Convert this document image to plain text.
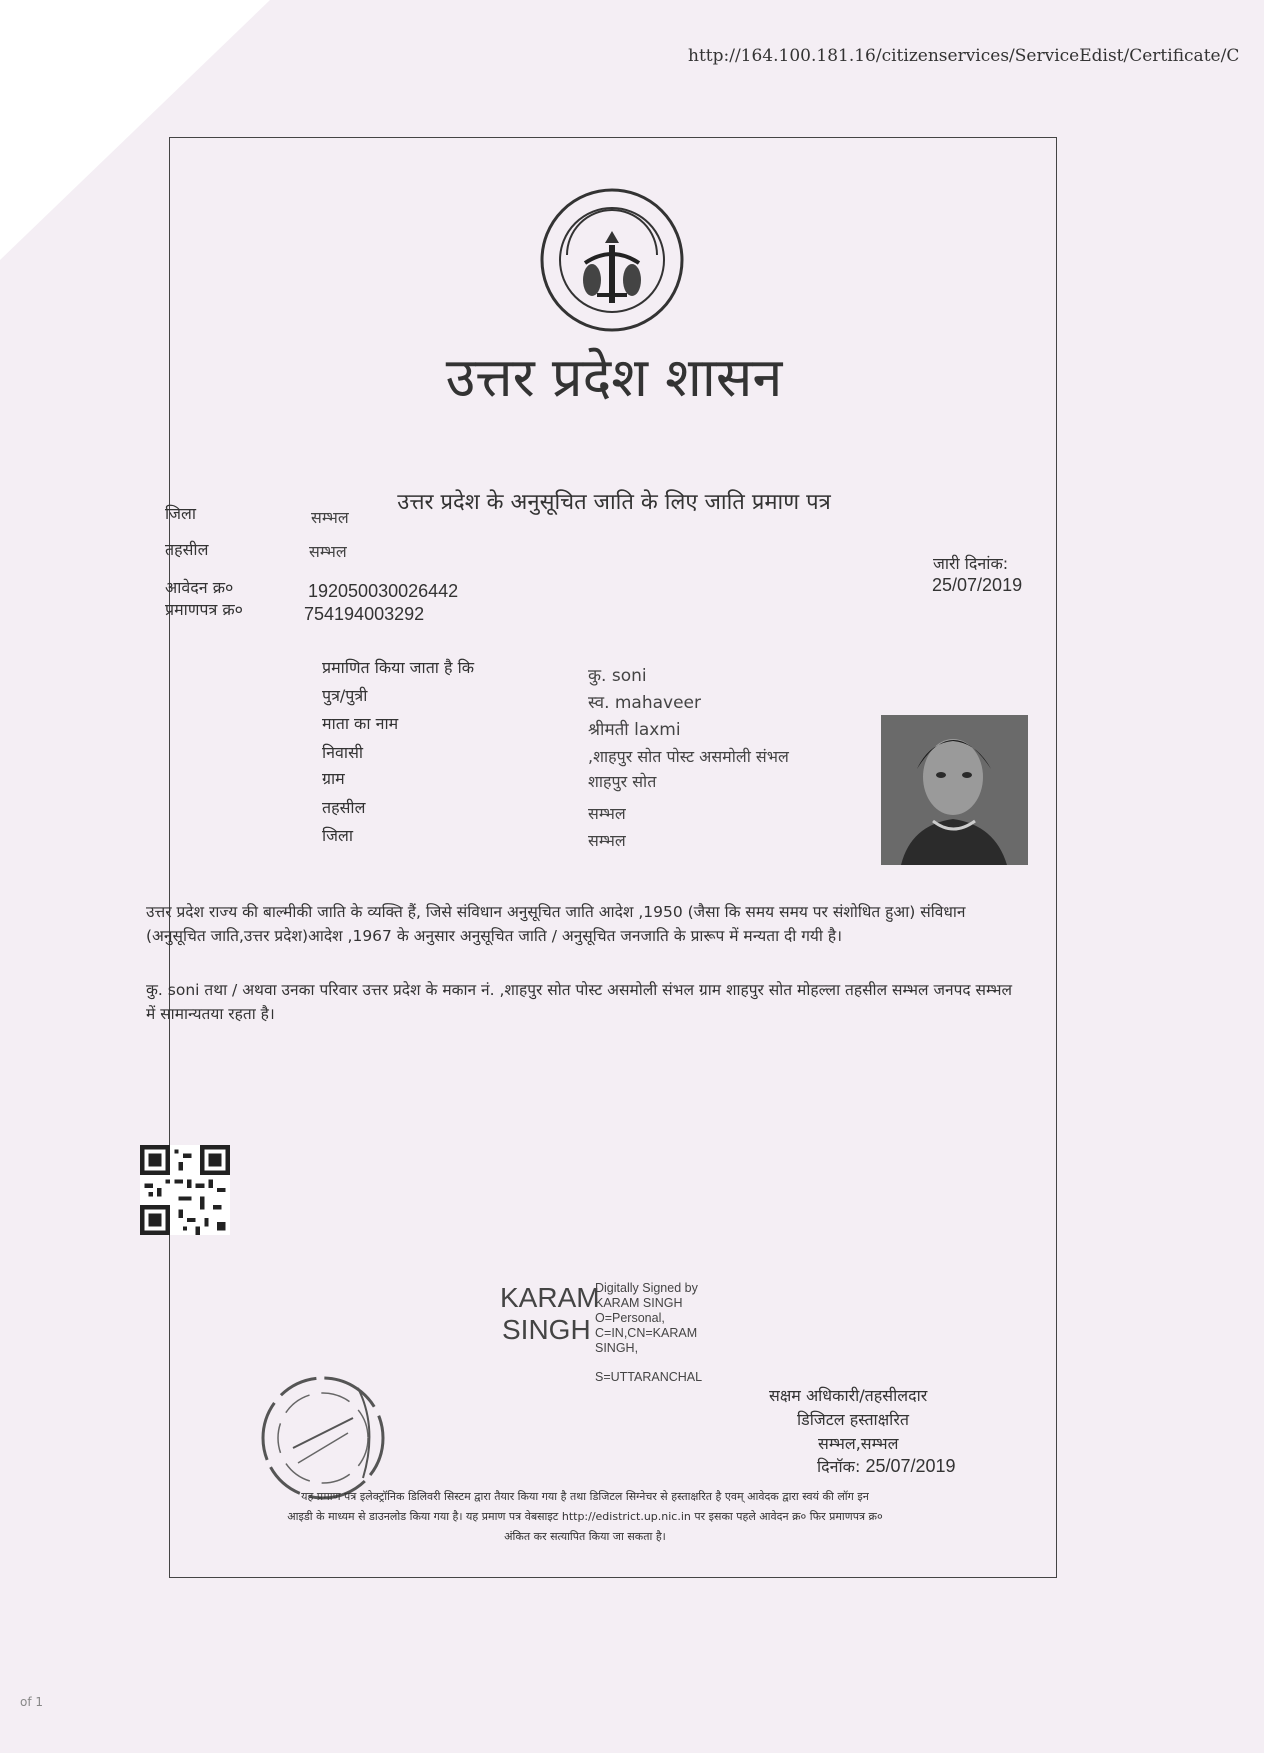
http://164.100.181.16/citizenservices/ServiceEdist/Certificate/C
उत्तर प्रदेश शासन
उत्तर प्रदेश के अनुसूचित जाति के लिए जाति प्रमाण पत्र
जिला	सम्भल
तहसील	सम्भल
आवेदन क्र०	192050030026442
प्रमाणपत्र क्र०	754194003292
जारी दिनांक:
25/07/2019
प्रमाणित किया जाता है कि	कु. soni
पुत्र/पुत्री	स्व. mahaveer
माता का नाम	श्रीमती laxmi
निवासी	,शाहपुर सोत पोस्ट असमोली संभल
ग्राम	शाहपुर सोत
तहसील	सम्भल
जिला	सम्भल
उत्तर प्रदेश राज्य की बाल्मीकी जाति के व्यक्ति हैं, जिसे संविधान अनुसूचित जाति आदेश ,1950 (जैसा कि समय समय पर संशोधित हुआ) संविधान (अनुसूचित जाति,उत्तर प्रदेश)आदेश ,1967 के अनुसार अनुसूचित जाति / अनुसूचित जनजाति के प्रारूप में मन्यता दी गयी है।
कु. soni तथा / अथवा उनका परिवार उत्तर प्रदेश के मकान नं. ,शाहपुर सोत पोस्ट असमोली संभल ग्राम शाहपुर सोत मोहल्ला तहसील सम्भल जनपद सम्भल में सामान्यतया रहता है।
KARAM
SINGH
Digitally Signed by
KARAM SINGH
O=Personal,
C=IN,CN=KARAM
SINGH,
S=UTTARANCHAL
सक्षम अधिकारी/तहसीलदार
डिजिटल हस्ताक्षरित
सम्भल,सम्भल
दिनॉक: 25/07/2019
यह प्रमाण पत्र इलेक्ट्रॉनिक डिलिवरी सिस्टम द्वारा तैयार किया गया है तथा डिजिटल सिग्नेचर से हस्ताक्षरित है एवम् आवेदक द्वारा स्वयं की लॉग इन
आइडी के माध्यम से डाउनलोड किया गया है। यह प्रमाण पत्र वेबसाइट http://edistrict.up.nic.in पर इसका पहले आवेदन क्र० फिर प्रमाणपत्र क्र०
अंकित कर सत्यापित किया जा सकता है।
of 1
